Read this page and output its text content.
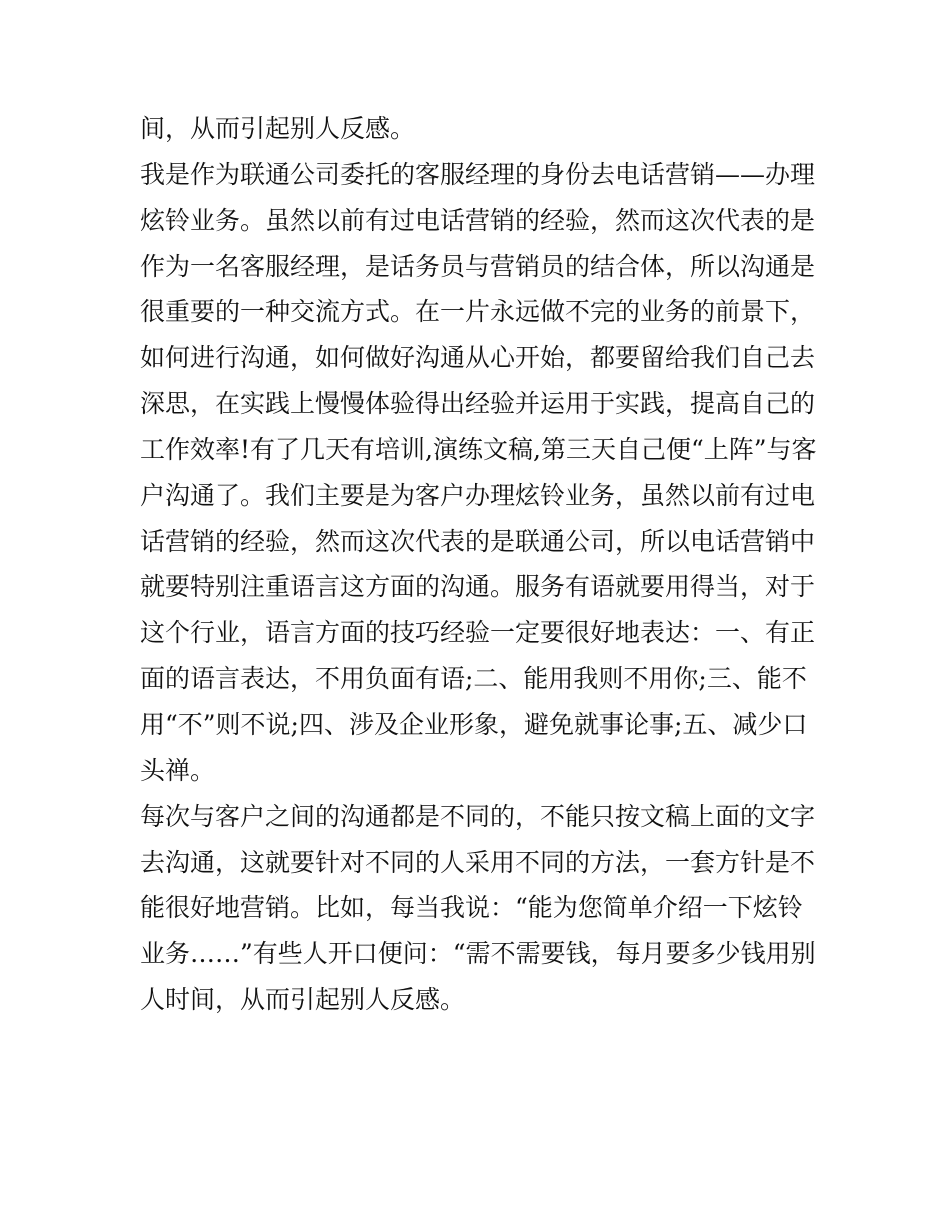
间，从而引起别人反感。
我是作为联通公司委托的客服经理的身份去电话营销——办理
炫铃业务。虽然以前有过电话营销的经验，然而这次代表的是
作为一名客服经理，是话务员与营销员的结合体，所以沟通是
很重要的一种交流方式。在一片永远做不完的业务的前景下，
如何进行沟通，如何做好沟通从心开始，都要留给我们自己去
深思，在实践上慢慢体验得出经验并运用于实践，提高自己的
工作效率!有了几天有培训,演练文稿,第三天自己便“上阵”与客
户沟通了。我们主要是为客户办理炫铃业务，虽然以前有过电
话营销的经验，然而这次代表的是联通公司，所以电话营销中
就要特别注重语言这方面的沟通。服务有语就要用得当，对于
这个行业，语言方面的技巧经验一定要很好地表达：一、有正
面的语言表达，不用负面有语;二、能用我则不用你;三、能不
用“不”则不说;四、涉及企业形象，避免就事论事;五、减少口
头禅。
每次与客户之间的沟通都是不同的，不能只按文稿上面的文字
去沟通，这就要针对不同的人采用不同的方法，一套方针是不
能很好地营销。比如，每当我说：“能为您简单介绍一下炫铃
业务……”有些人开口便问：“需不需要钱，每月要多少钱用别
人时间，从而引起别人反感。
